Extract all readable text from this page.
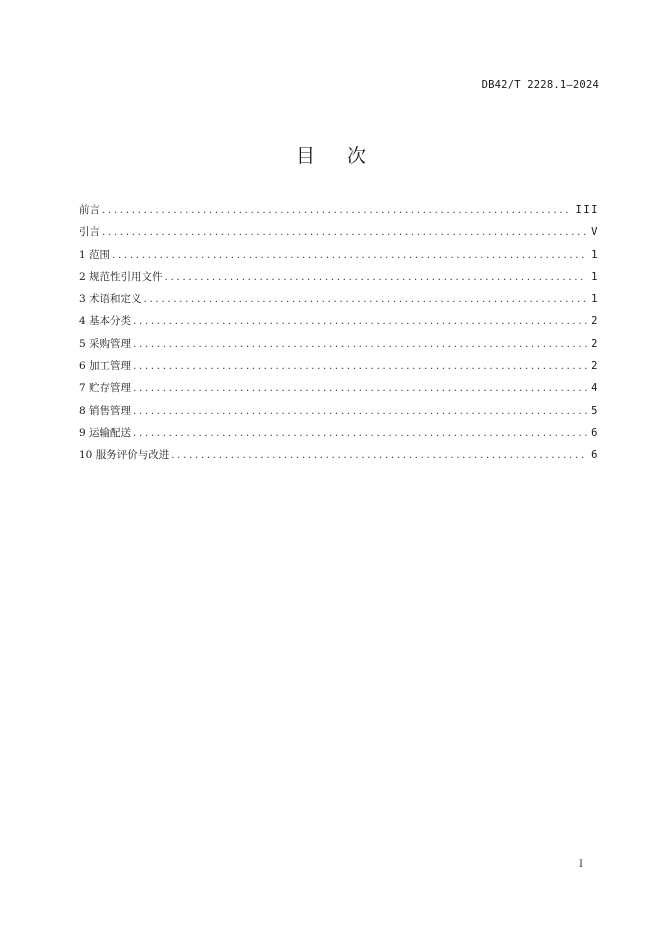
DB42/T 2228.1—2024
目 次
前言 .....	III
引言 .....	V
1 范围 .....	1
2 规范性引用文件 .....	1
3 术语和定义 .....	1
4 基本分类 .....	2
5 采购管理 .....	2
6 加工管理 .....	2
7 贮存管理 .....	4
8 销售管理 .....	5
9 运输配送 .....	6
10 服务评价与改进 .....	6
I
